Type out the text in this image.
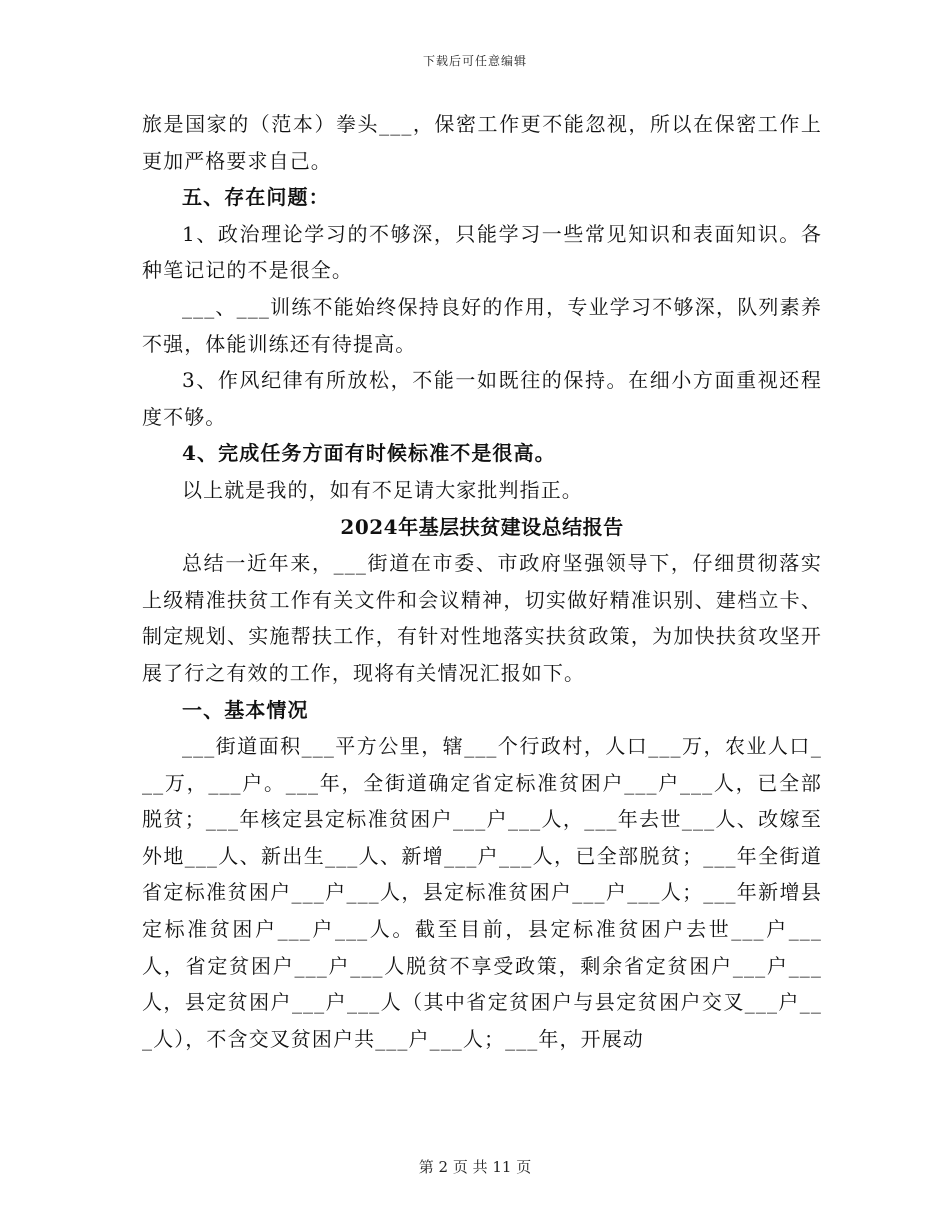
下载后可任意编辑

旅是国家的（范本）拳头___，保密工作更不能忽视，所以在保密工作上更加严格要求自己。

五、存在问题：

1、政治理论学习的不够深，只能学习一些常见知识和表面知识。各种笔记记的不是很全。

___、___训练不能始终保持良好的作用，专业学习不够深，队列素养不强，体能训练还有待提高。

3、作风纪律有所放松，不能一如既往的保持。在细小方面重视还程度不够。

4、完成任务方面有时候标准不是很高。

以上就是我的，如有不足请大家批判指正。

2024年基层扶贫建设总结报告

总结一近年来，___街道在市委、市政府坚强领导下，仔细贯彻落实上级精准扶贫工作有关文件和会议精神，切实做好精准识别、建档立卡、制定规划、实施帮扶工作，有针对性地落实扶贫政策，为加快扶贫攻坚开展了行之有效的工作，现将有关情况汇报如下。

一、基本情况

___街道面积___平方公里，辖___个行政村，人口___万，农业人口___万，___户。___年，全街道确定省定标准贫困户___户___人，已全部脱贫；___年核定县定标准贫困户___户___人，___年去世___人、改嫁至外地___人、新出生___人、新增___户___人，已全部脱贫；___年全街道省定标准贫困户___户___人，县定标准贫困户___户___人；___年新增县定标准贫困户___户___人。截至目前，县定标准贫困户去世___户___人，省定贫困户___户___人脱贫不享受政策，剩余省定贫困户___户___人，县定贫困户___户___人（其中省定贫困户与县定贫困户交叉___户___人），不含交叉贫困户共___户___人；___年，开展动

第 2 页 共 11 页
